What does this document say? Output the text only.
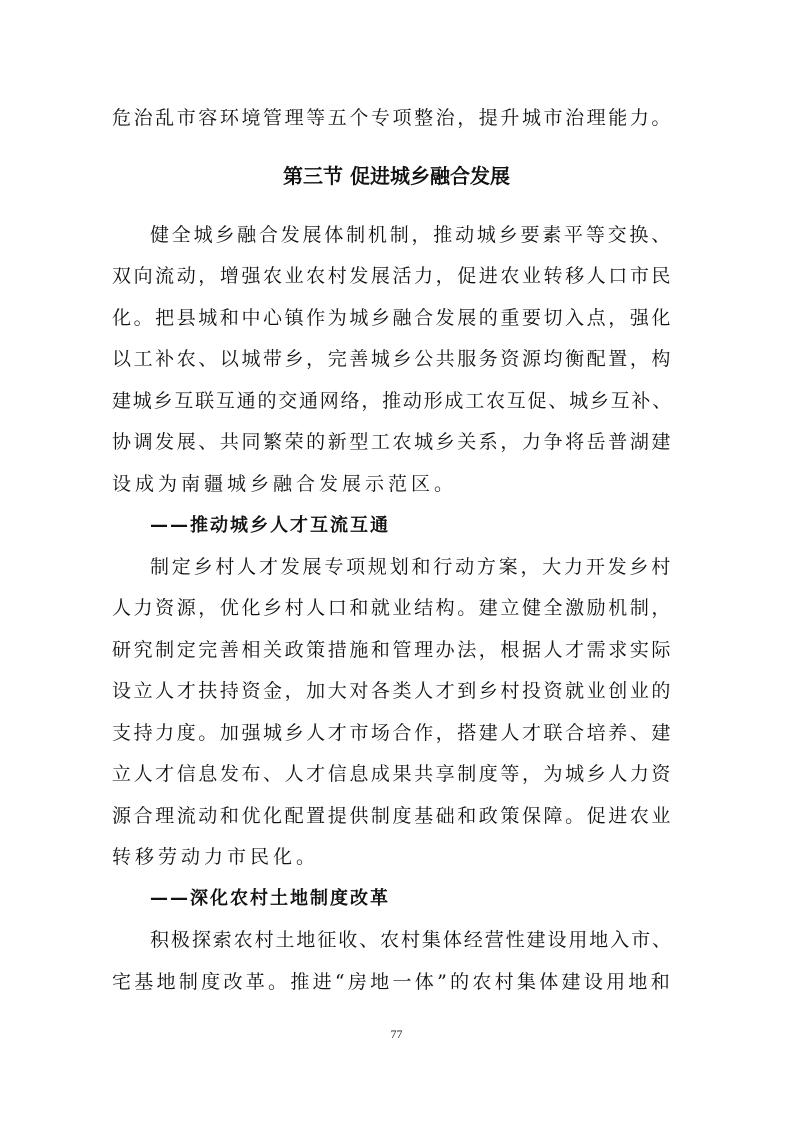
危治乱市容环境管理等五个专项整治，提升城市治理能力。
第三节 促进城乡融合发展
健全城乡融合发展体制机制，推动城乡要素平等交换、
双向流动，增强农业农村发展活力，促进农业转移人口市民
化。把县城和中心镇作为城乡融合发展的重要切入点，强化
以工补农、以城带乡，完善城乡公共服务资源均衡配置，构
建城乡互联互通的交通网络，推动形成工农互促、城乡互补、
协调发展、共同繁荣的新型工农城乡关系，力争将岳普湖建
设成为南疆城乡融合发展示范区。
——推动城乡人才互流互通
制定乡村人才发展专项规划和行动方案，大力开发乡村
人力资源，优化乡村人口和就业结构。建立健全激励机制，
研究制定完善相关政策措施和管理办法，根据人才需求实际
设立人才扶持资金，加大对各类人才到乡村投资就业创业的
支持力度。加强城乡人才市场合作，搭建人才联合培养、建
立人才信息发布、人才信息成果共享制度等，为城乡人力资
源合理流动和优化配置提供制度基础和政策保障。促进农业
转移劳动力市民化。
——深化农村土地制度改革
积极探索农村土地征收、农村集体经营性建设用地入市、
宅基地制度改革。推进“房地一体”的农村集体建设用地和
77
